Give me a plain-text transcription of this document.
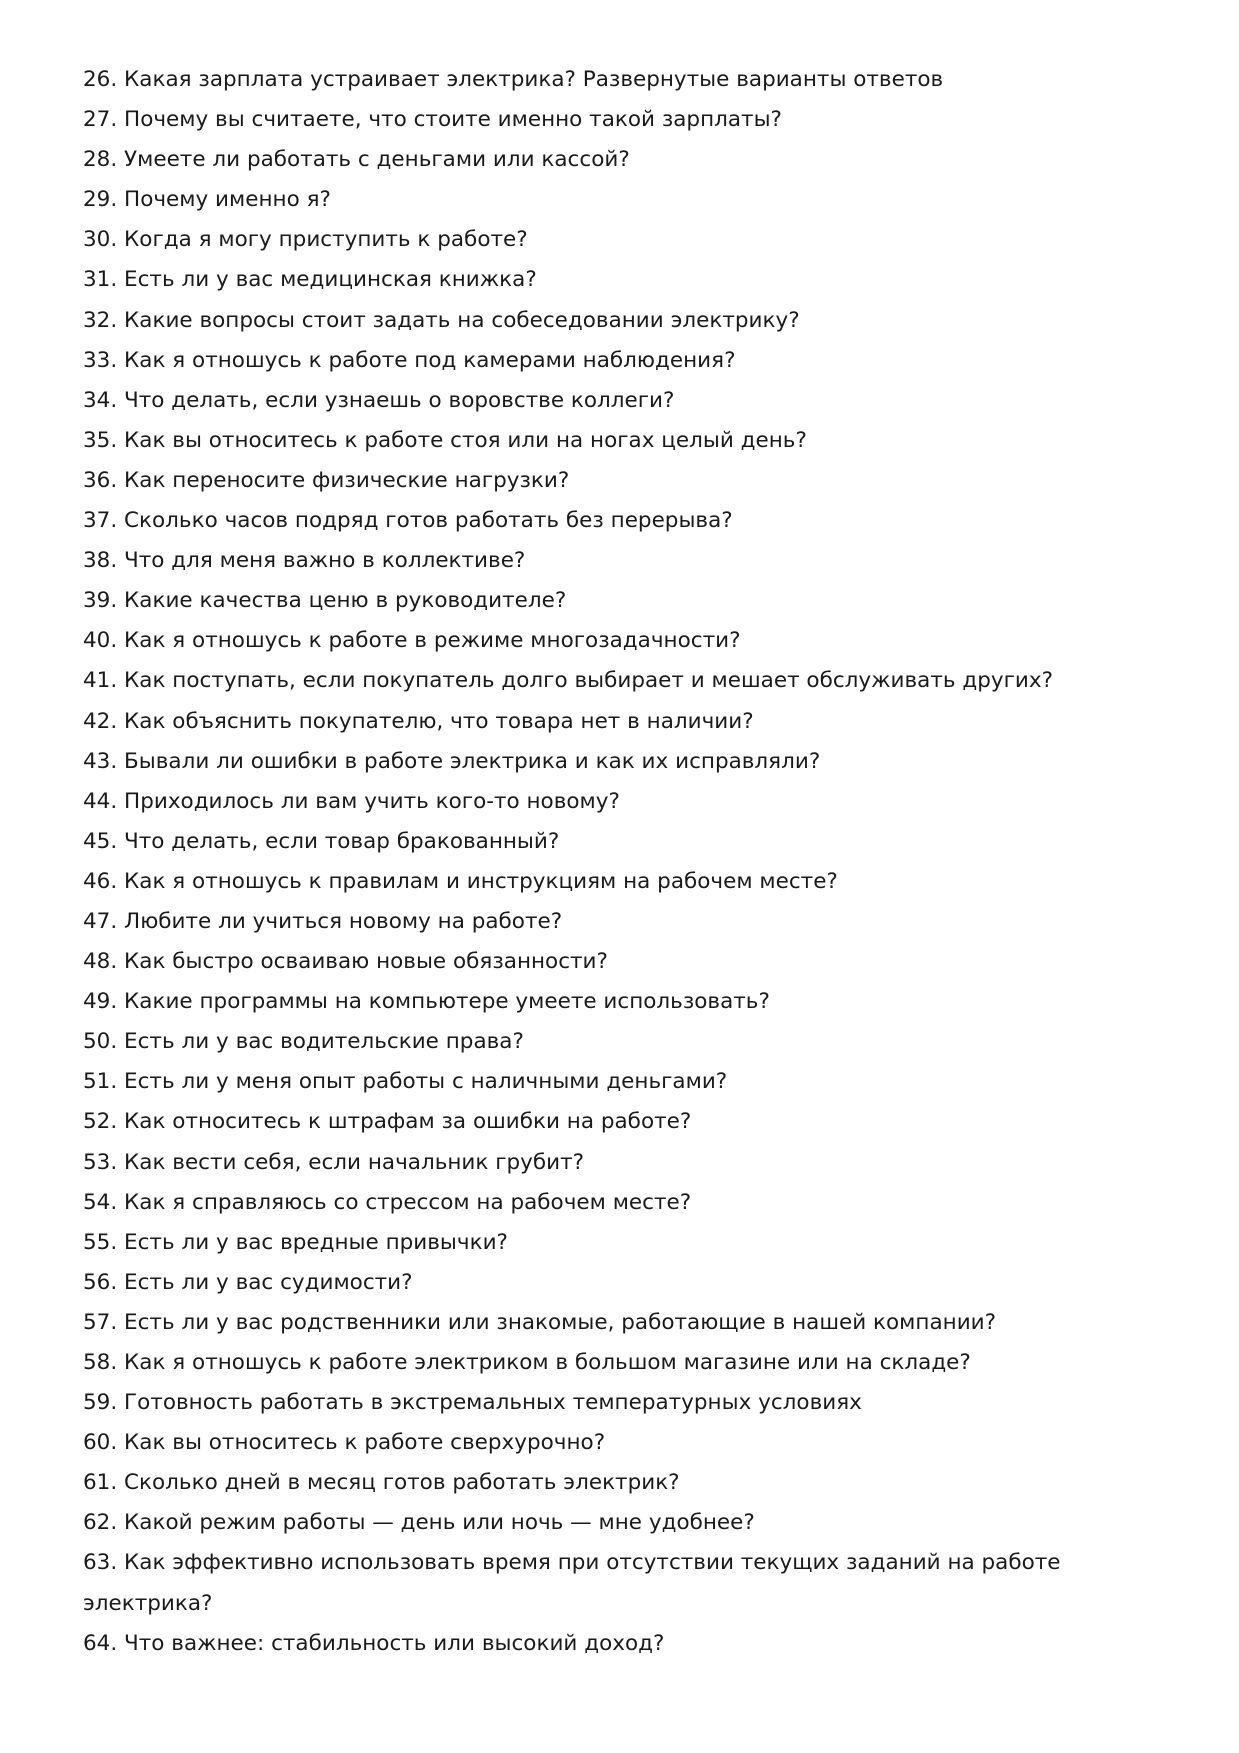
26. Какая зарплата устраивает электрика? Развернутые варианты ответов
27. Почему вы считаете, что стоите именно такой зарплаты?
28. Умеете ли работать с деньгами или кассой?
29. Почему именно я?
30. Когда я могу приступить к работе?
31. Есть ли у вас медицинская книжка?
32. Какие вопросы стоит задать на собеседовании электрику?
33. Как я отношусь к работе под камерами наблюдения?
34. Что делать, если узнаешь о воровстве коллеги?
35. Как вы относитесь к работе стоя или на ногах целый день?
36. Как переносите физические нагрузки?
37. Сколько часов подряд готов работать без перерыва?
38. Что для меня важно в коллективе?
39. Какие качества ценю в руководителе?
40. Как я отношусь к работе в режиме многозадачности?
41. Как поступать, если покупатель долго выбирает и мешает обслуживать других?
42. Как объяснить покупателю, что товара нет в наличии?
43. Бывали ли ошибки в работе электрика и как их исправляли?
44. Приходилось ли вам учить кого-то новому?
45. Что делать, если товар бракованный?
46. Как я отношусь к правилам и инструкциям на рабочем месте?
47. Любите ли учиться новому на работе?
48. Как быстро осваиваю новые обязанности?
49. Какие программы на компьютере умеете использовать?
50. Есть ли у вас водительские права?
51. Есть ли у меня опыт работы с наличными деньгами?
52. Как относитесь к штрафам за ошибки на работе?
53. Как вести себя, если начальник грубит?
54. Как я справляюсь со стрессом на рабочем месте?
55. Есть ли у вас вредные привычки?
56. Есть ли у вас судимости?
57. Есть ли у вас родственники или знакомые, работающие в нашей компании?
58. Как я отношусь к работе электриком в большом магазине или на складе?
59. Готовность работать в экстремальных температурных условиях
60. Как вы относитесь к работе сверхурочно?
61. Сколько дней в месяц готов работать электрик?
62. Какой режим работы — день или ночь — мне удобнее?
63. Как эффективно использовать время при отсутствии текущих заданий на работе электрика?
64. Что важнее: стабильность или высокий доход?
